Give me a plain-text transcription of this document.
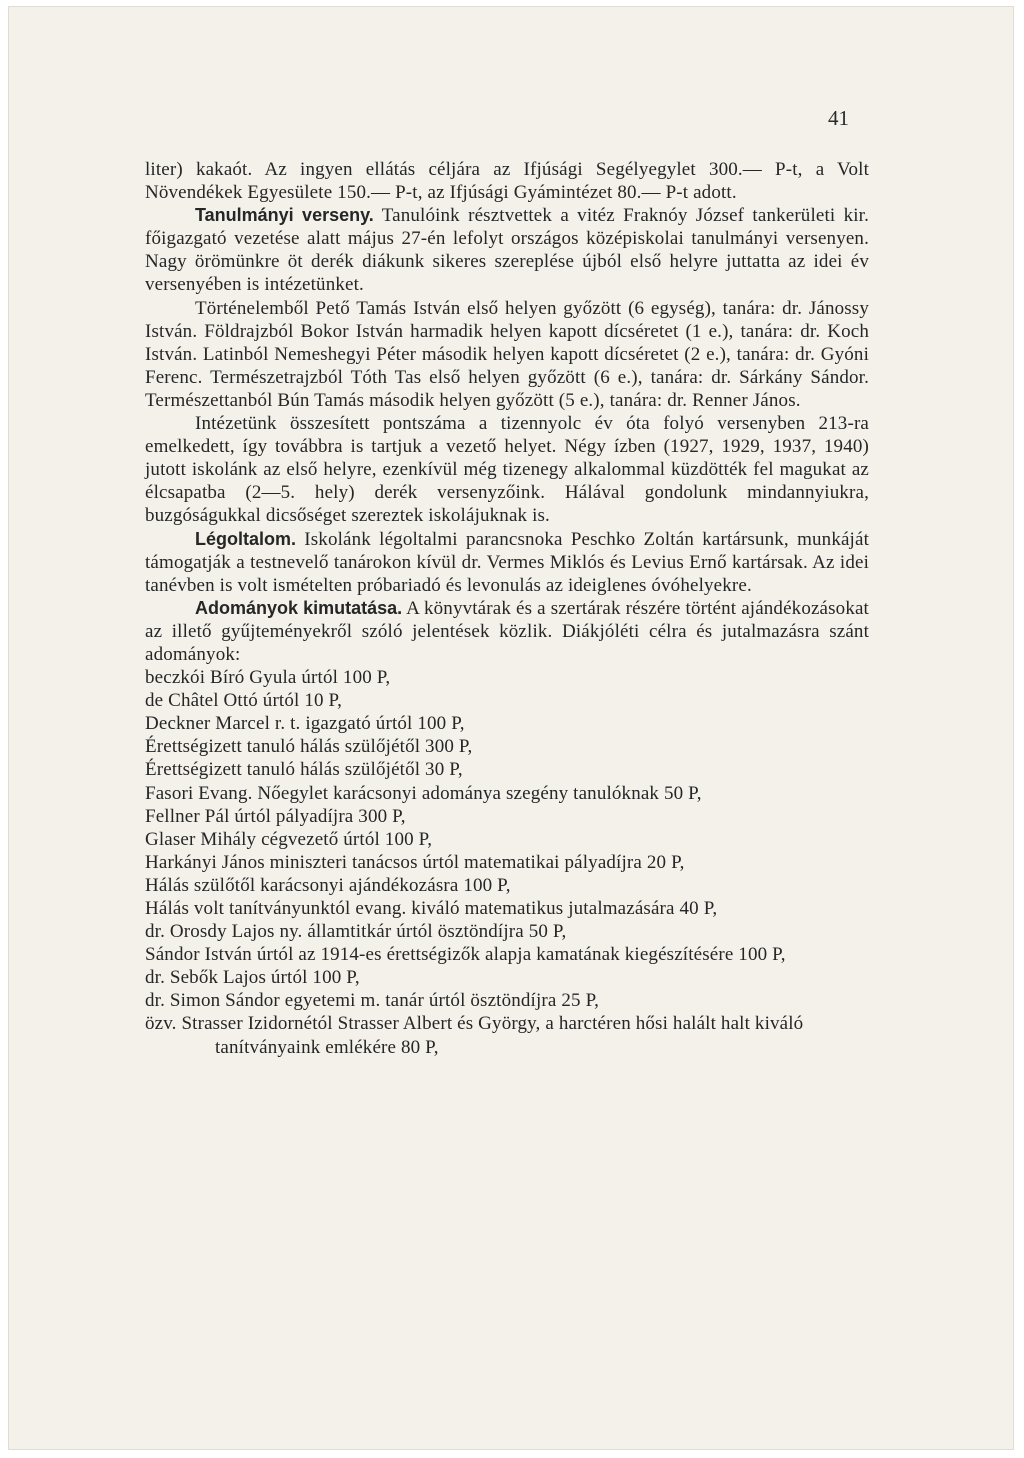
41

liter) kakaót. Az ingyen ellátás céljára az Ifjúsági Segélyegylet 300.— P-t, a Volt Növendékek Egyesülete 150.— P-t, az Ifjúsági Gyámintézet 80.— P-t adott.

Tanulmányi verseny. Tanulóink résztvettek a vitéz Fraknóy József tankerületi kir. főigazgató vezetése alatt május 27-én lefolyt országos középiskolai tanulmányi versenyen. Nagy örömünkre öt derék diákunk sikeres szereplése újból első helyre juttatta az idei év versenyében is intézetünket.

Történelemből Pető Tamás István első helyen győzött (6 egység), tanára: dr. Jánossy István. Földrajzból Bokor István harmadik helyen kapott dícséretet (1 e.), tanára: dr. Koch István. Latinból Nemeshegyi Péter második helyen kapott dícséretet (2 e.), tanára: dr. Gyóni Ferenc. Természetrajzból Tóth Tas első helyen győzött (6 e.), tanára: dr. Sárkány Sándor. Természettanból Bún Tamás második helyen győzött (5 e.), tanára: dr. Renner János.

Intézetünk összesített pontszáma a tizennyolc év óta folyó versenyben 213-ra emelkedett, így továbbra is tartjuk a vezető helyet. Négy ízben (1927, 1929, 1937, 1940) jutott iskolánk az első helyre, ezenkívül még tizenegy alkalommal küzdötték fel magukat az élcsapatba (2—5. hely) derék versenyzőink. Hálával gondolunk mindannyiukra, buzgóságukkal dicsőséget szereztek iskolájuknak is.

Légoltalom. Iskolánk légoltalmi parancsnoka Peschko Zoltán kartársunk, munkáját támogatják a testnevelő tanárokon kívül dr. Vermes Miklós és Levius Ernő kartársak. Az idei tanévben is volt ismételten próbariadó és levonulás az ideiglenes óvóhelyekre.

Adományok kimutatása. A könyvtárak és a szertárak részére történt ajándékozásokat az illető gyűjteményekről szóló jelentések közlik. Diákjóléti célra és jutalmazásra szánt adományok:

beczkói Bíró Gyula úrtól 100 P,

de Châtel Ottó úrtól 10 P,

Deckner Marcel r. t. igazgató úrtól 100 P,

Érettségizett tanuló hálás szülőjétől 300 P,

Érettségizett tanuló hálás szülőjétől 30 P,

Fasori Evang. Nőegylet karácsonyi adománya szegény tanulóknak 50 P,

Fellner Pál úrtól pályadíjra 300 P,

Glaser Mihály cégvezető úrtól 100 P,

Harkányi János miniszteri tanácsos úrtól matematikai pályadíjra 20 P,

Hálás szülőtől karácsonyi ajándékozásra 100 P,

Hálás volt tanítványunktól evang. kiváló matematikus jutalmazására 40 P,

dr. Orosdy Lajos ny. államtitkár úrtól ösztöndíjra 50 P,

Sándor István úrtól az 1914-es érettségizők alapja kamatának kiegészítésére 100 P,

dr. Sebők Lajos úrtól 100 P,

dr. Simon Sándor egyetemi m. tanár úrtól ösztöndíjra 25 P,

özv. Strasser Izidornétól Strasser Albert és György, a harctéren hősi halált halt kiváló tanítványaink emlékére 80 P,
